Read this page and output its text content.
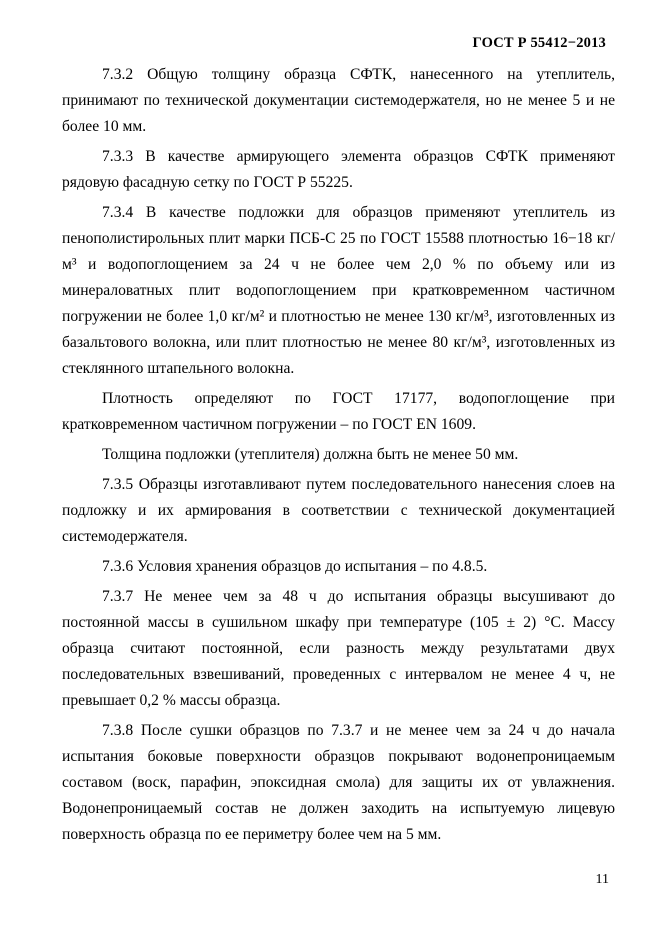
ГОСТ Р 55412−2013

7.3.2 Общую толщину образца СФТК, нанесенного на утеплитель, принимают по технической документации системодержателя, но не менее 5 и не более 10 мм.

7.3.3 В качестве армирующего элемента образцов СФТК применяют рядовую фасадную сетку по ГОСТ Р 55225.

7.3.4 В качестве подложки для образцов применяют утеплитель из пенополистирольных плит марки ПСБ-С 25 по ГОСТ 15588 плотностью 16−18 кг/м³ и водопоглощением за 24 ч не более чем 2,0 % по объему или из минераловатных плит водопоглощением при кратковременном частичном погружении не более 1,0 кг/м² и плотностью не менее 130 кг/м³, изготовленных из базальтового волокна, или плит плотностью не менее 80 кг/м³, изготовленных из стеклянного штапельного волокна.

Плотность определяют по ГОСТ 17177, водопоглощение при кратковременном частичном погружении – по ГОСТ EN 1609.

Толщина подложки (утеплителя) должна быть не менее 50 мм.

7.3.5 Образцы изготавливают путем последовательного нанесения слоев на подложку и их армирования в соответствии с технической документацией системодержателя.

7.3.6 Условия хранения образцов до испытания – по 4.8.5.

7.3.7 Не менее чем за 48 ч до испытания образцы высушивают до постоянной массы в сушильном шкафу при температуре (105 ± 2) °С. Массу образца считают постоянной, если разность между результатами двух последовательных взвешиваний, проведенных с интервалом не менее 4 ч, не превышает 0,2 % массы образца.

7.3.8 После сушки образцов по 7.3.7 и не менее чем за 24 ч до начала испытания боковые поверхности образцов покрывают водонепроницаемым составом (воск, парафин, эпоксидная смола) для защиты их от увлажнения. Водонепроницаемый состав не должен заходить на испытуемую лицевую поверхность образца по ее периметру более чем на 5 мм.

11
